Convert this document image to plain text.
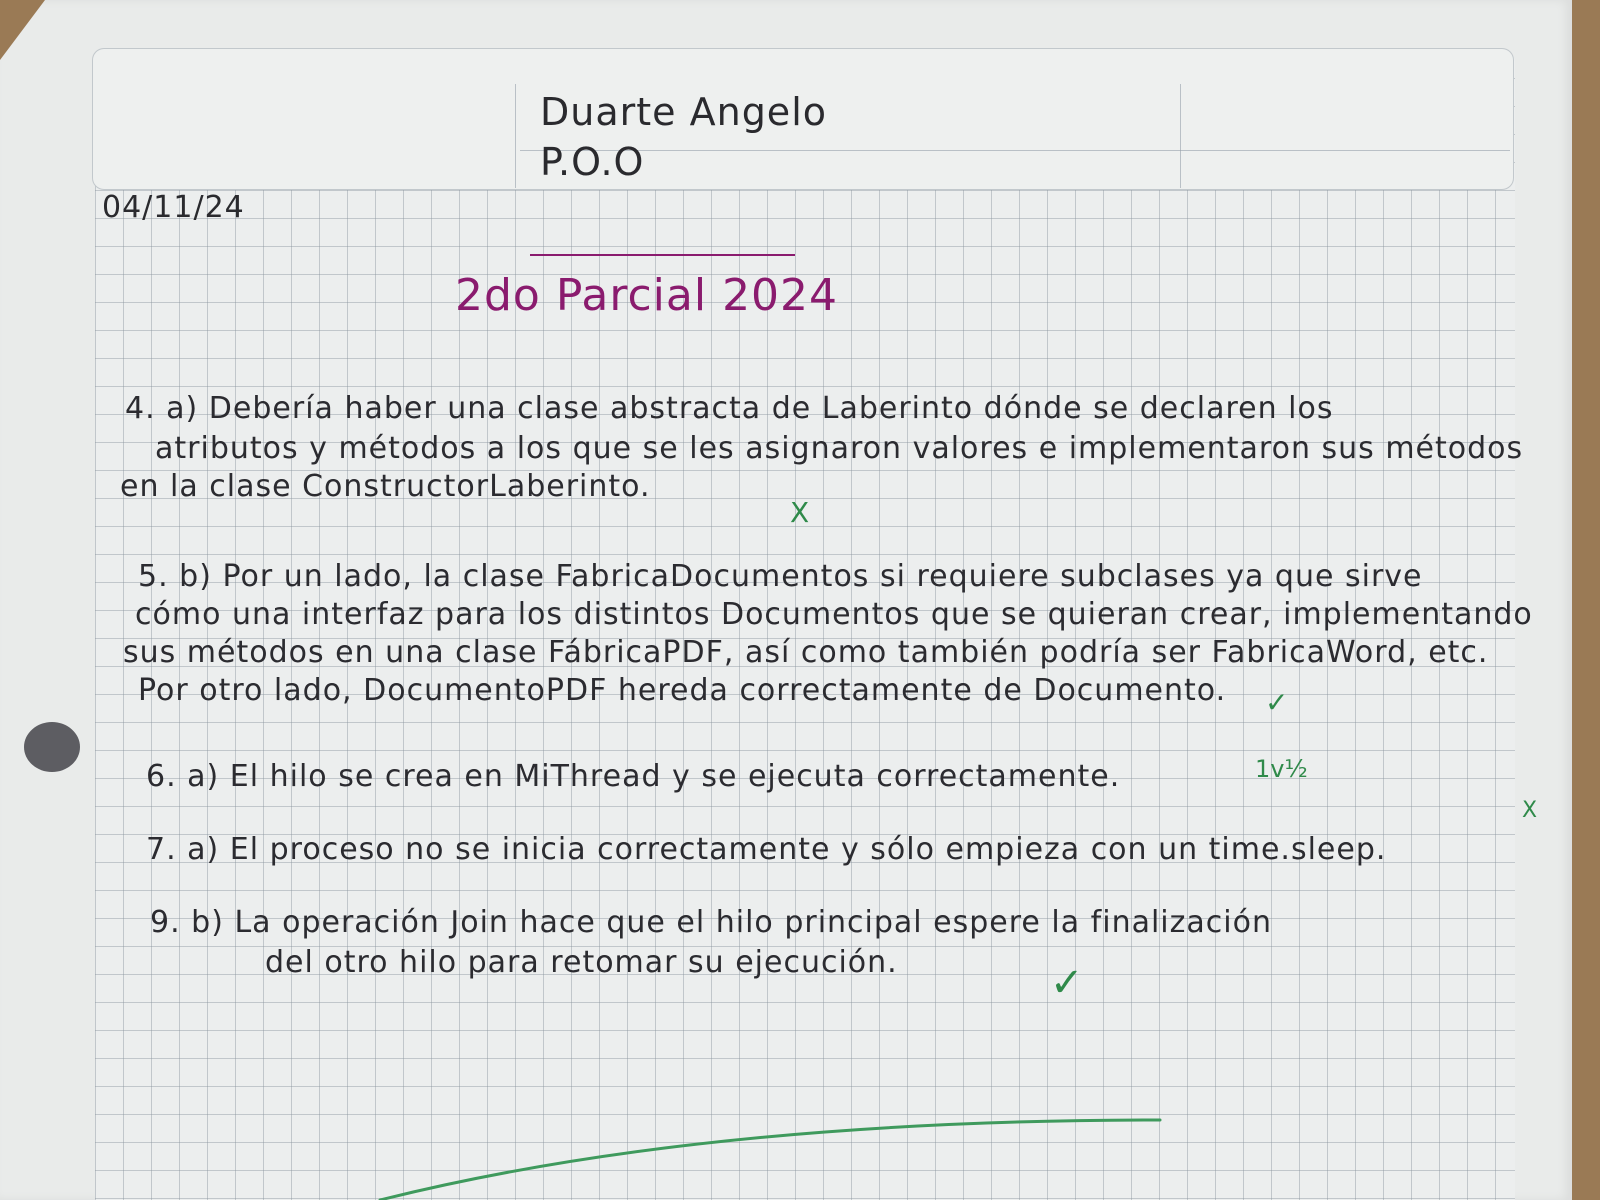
Duarte Angelo
P.O.O
04/11/24
2do Parcial 2024
4. a) Debería haber una clase abstracta de Laberinto dónde se declaren los
atributos y métodos a los que se les asignaron valores e implementaron sus métodos
en la clase ConstructorLaberinto.
X
5. b) Por un lado, la clase FabricaDocumentos si requiere subclases ya que sirve
cómo una interfaz para los distintos Documentos que se quieran crear, implementando
sus métodos en una clase FábricaPDF, así como también podría ser FabricaWord, etc.
Por otro lado, DocumentoPDF hereda correctamente de Documento. ✓
6. a) El hilo se crea en MiThread y se ejecuta correctamente.	1v½
7. a) El proceso no se inicia correctamente y sólo empieza con un time.sleep.
X
9. b) La operación Join hace que el hilo principal espere la finalización
del otro hilo para retomar su ejecución.	✓
